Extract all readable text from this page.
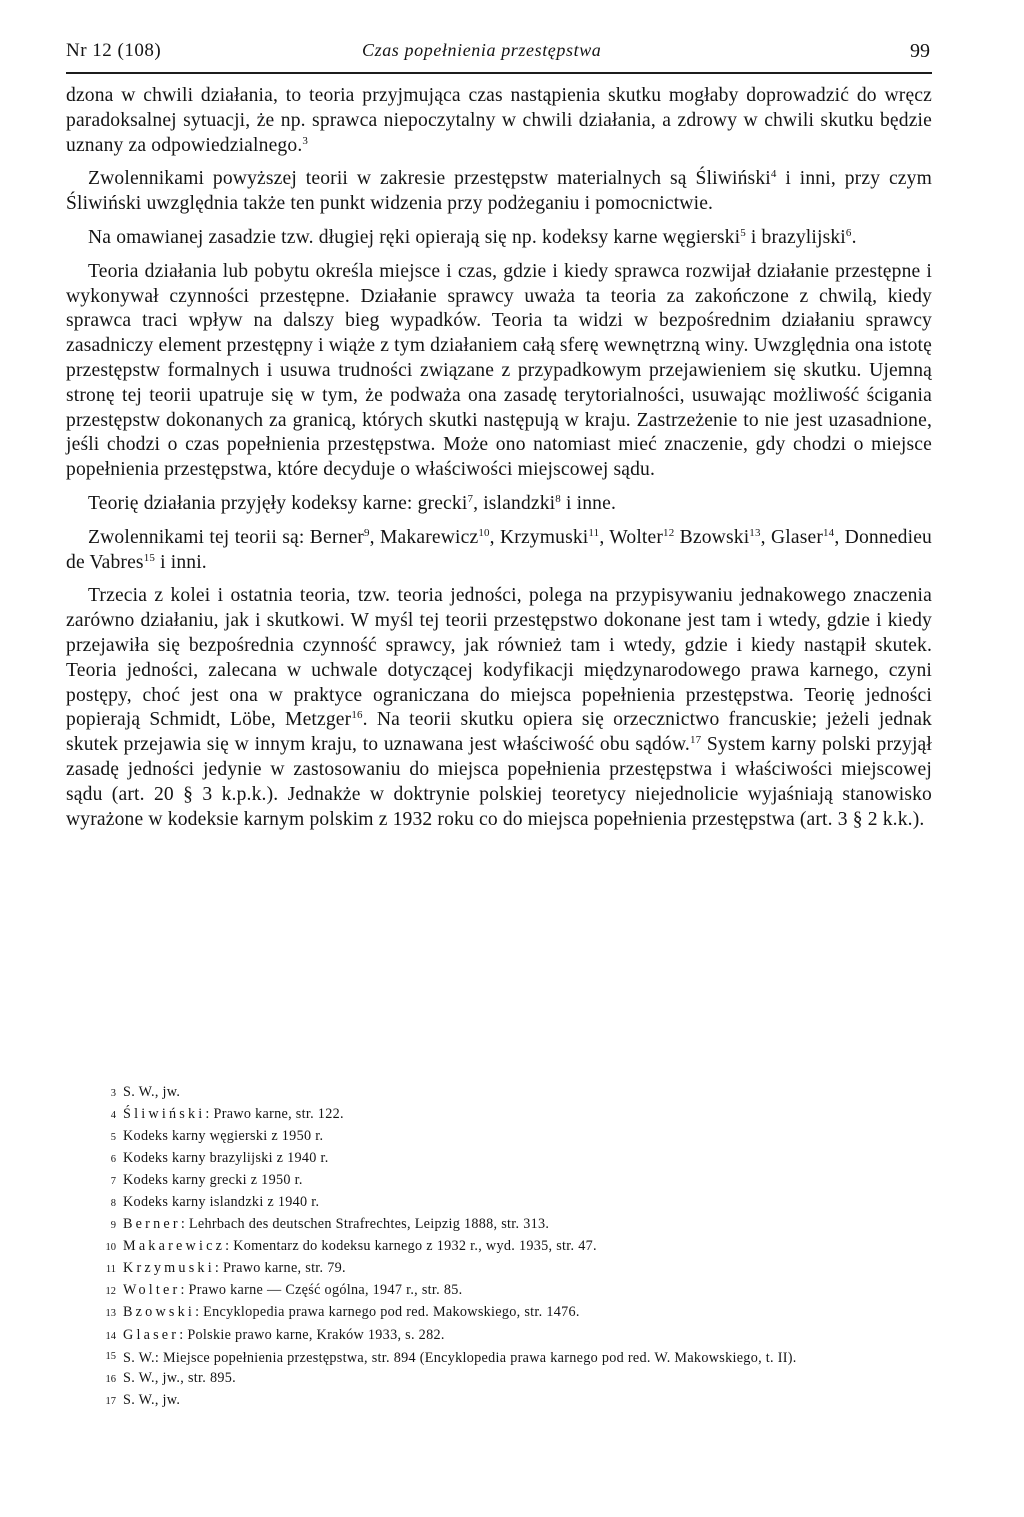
Nr 12 (108)	Czas popełnienia przestępstwa	99

dzona w chwili działania, to teoria przyjmująca czas nastąpienia skutku mogłaby doprowadzić do wręcz paradoksalnej sytuacji, że np. sprawca niepoczytalny w chwili działania, a zdrowy w chwili skutku będzie uznany za odpowiedzialnego.$^3$

Zwolennikami powyższej teorii w zakresie przestępstw materialnych są Śliwiński$^4$ i inni, przy czym Śliwiński uwzględnia także ten punkt widzenia przy podżeganiu i pomocnictwie.

Na omawianej zasadzie tzw. długiej ręki opierają się np. kodeksy karne węgierski$^5$ i brazylijski$^6$.

Teoria działania lub pobytu określa miejsce i czas, gdzie i kiedy sprawca rozwijał działanie przestępne i wykonywał czynności przestępne. Działanie sprawcy uważa ta teoria za zakończone z chwilą, kiedy sprawca traci wpływ na dalszy bieg wypadków. Teoria ta widzi w bezpośrednim działaniu sprawcy zasadniczy element przestępny i wiąże z tym działaniem całą sferę wewnętrzną winy. Uwzględnia ona istotę przestępstw formalnych i usuwa trudności związane z przypadkowym przejawieniem się skutku. Ujemną stronę tej teorii upatruje się w tym, że podważa ona zasadę terytorialności, usuwając możliwość ścigania przestępstw dokonanych za granicą, których skutki następują w kraju. Zastrzeżenie to nie jest uzasadnione, jeśli chodzi o czas popełnienia przestępstwa. Może ono natomiast mieć znaczenie, gdy chodzi o miejsce popełnienia przestępstwa, które decyduje o właściwości miejscowej sądu.

Teorię działania przyjęły kodeksy karne: grecki$^7$, islandzki$^8$ i inne.

Zwolennikami tej teorii są: Berner$^9$, Makarewicz$^{10}$, Krzymuski$^{11}$, Wolter$^{12}$ Bzowski$^{13}$, Glaser$^{14}$, Donnedieu de Vabres$^{15}$ i inni.

Trzecia z kolei i ostatnia teoria, tzw. teoria jedności, polega na przypisywaniu jednakowego znaczenia zarówno działaniu, jak i skutkowi. W myśl tej teorii przestępstwo dokonane jest tam i wtedy, gdzie i kiedy przejawiła się bezpośrednia czynność sprawcy, jak również tam i wtedy, gdzie i kiedy nastąpił skutek. Teoria jedności, zalecana w uchwale dotyczącej kodyfikacji międzynarodowego prawa karnego, czyni postępy, choć jest ona w praktyce ograniczana do miejsca popełnienia przestępstwa. Teorię jedności popierają Schmidt, Löbe, Metzger$^{16}$. Na teorii skutku opiera się orzecznictwo francuskie; jeżeli jednak skutek przejawia się w innym kraju, to uznawana jest właściwość obu sądów.$^{17}$ System karny polski przyjął zasadę jedności jedynie w zastosowaniu do miejsca popełnienia przestępstwa i właściwości miejscowej sądu (art. 20 § 3 k.p.k.). Jednakże w doktrynie polskiej teoretycy niejednolicie wyjaśniają stanowisko wyrażone w kodeksie karnym polskim z 1932 roku co do miejsca popełnienia przestępstwa (art. 3 § 2 k.k.).

3 S. W., jw.
4 Śliwiński: Prawo karne, str. 122.
5 Kodeks karny węgierski z 1950 r.
6 Kodeks karny brazylijski z 1940 r.
7 Kodeks karny grecki z 1950 r.
8 Kodeks karny islandzki z 1940 r.
9 Berner: Lehrbach des deutschen Strafrechtes, Leipzig 1888, str. 313.
10 Makarewicz: Komentarz do kodeksu karnego z 1932 r., wyd. 1935, str. 47.
11 Krzymuski: Prawo karne, str. 79.
12 Wolter: Prawo karne — Część ogólna, 1947 r., str. 85.
13 Bzowski: Encyklopedia prawa karnego pod red. Makowskiego, str. 1476.
14 Glaser: Polskie prawo karne, Kraków 1933, s. 282.
15 S. W.: Miejsce popełnienia przestępstwa, str. 894 (Encyklopedia prawa karnego pod red. W. Makowskiego, t. II).
16 S. W., jw., str. 895.
17 S. W., jw.
